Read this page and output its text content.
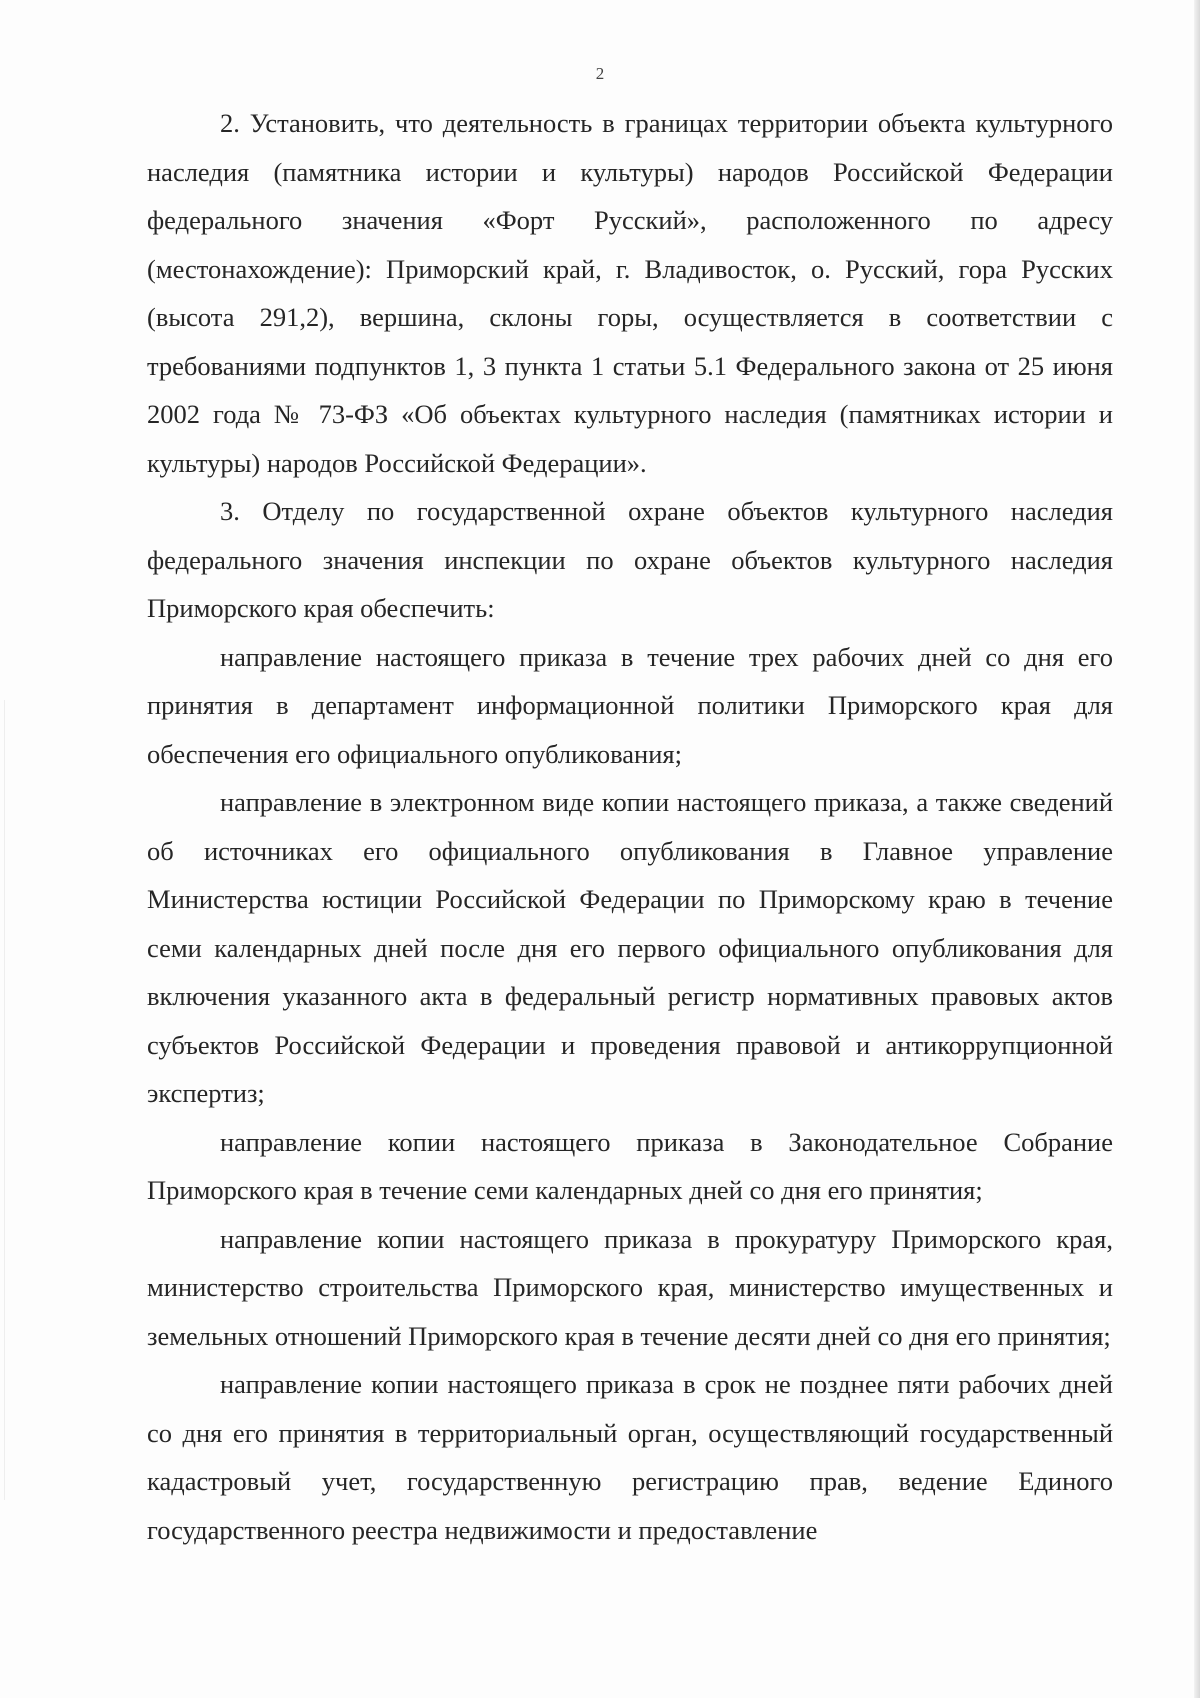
2

2. Установить, что деятельность в границах территории объекта культурного наследия (памятника истории и культуры) народов Российской Федерации федерального значения «Форт Русский», расположенного по адресу (местонахождение): Приморский край, г. Владивосток, о. Русский, гора Русских (высота 291,2), вершина, склоны горы, осуществляется в соответствии с требованиями подпунктов 1, 3 пункта 1 статьи 5.1 Федерального закона от 25 июня 2002 года № 73-ФЗ «Об объектах культурного наследия (памятниках истории и культуры) народов Российской Федерации».

3. Отделу по государственной охране объектов культурного наследия федерального значения инспекции по охране объектов культурного наследия Приморского края обеспечить:

направление настоящего приказа в течение трех рабочих дней со дня его принятия в департамент информационной политики Приморского края для обеспечения его официального опубликования;

направление в электронном виде копии настоящего приказа, а также сведений об источниках его официального опубликования в Главное управление Министерства юстиции Российской Федерации по Приморскому краю в течение семи календарных дней после дня его первого официального опубликования для включения указанного акта в федеральный регистр нормативных правовых актов субъектов Российской Федерации и проведения правовой и антикоррупционной экспертиз;

направление копии настоящего приказа в Законодательное Собрание Приморского края в течение семи календарных дней со дня его принятия;

направление копии настоящего приказа в прокуратуру Приморского края, министерство строительства Приморского края, министерство имущественных и земельных отношений Приморского края в течение десяти дней со дня его принятия;

направление копии настоящего приказа в срок не позднее пяти рабочих дней со дня его принятия в территориальный орган, осуществляющий государственный кадастровый учет, государственную регистрацию прав, ведение Единого государственного реестра недвижимости и предоставление
